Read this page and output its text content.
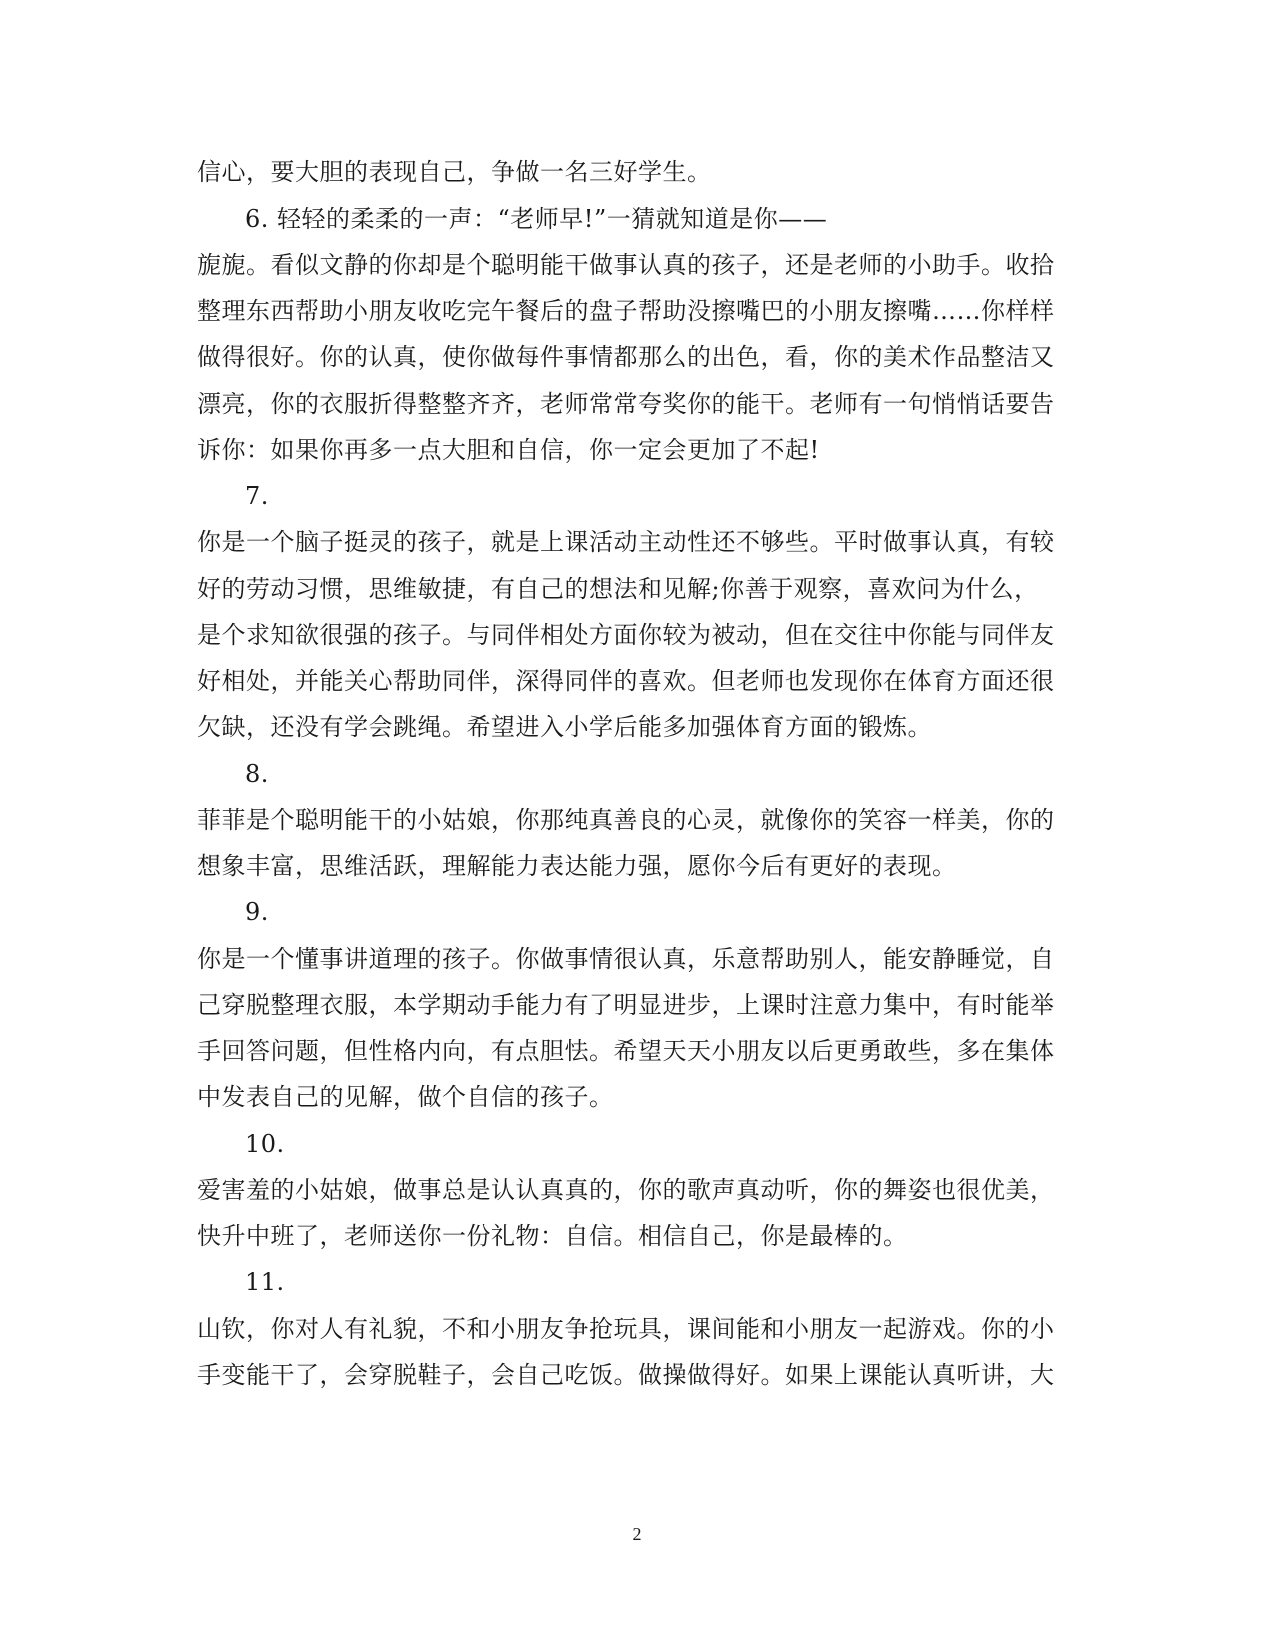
信心，要大胆的表现自己，争做一名三好学生。
6. 轻轻的柔柔的一声：“老师早!”一猜就知道是你——
旎旎。看似文静的你却是个聪明能干做事认真的孩子，还是老师的小助手。收拾
整理东西帮助小朋友收吃完午餐后的盘子帮助没擦嘴巴的小朋友擦嘴……你样样
做得很好。你的认真，使你做每件事情都那么的出色，看，你的美术作品整洁又
漂亮，你的衣服折得整整齐齐，老师常常夸奖你的能干。老师有一句悄悄话要告
诉你：如果你再多一点大胆和自信，你一定会更加了不起!
7.
你是一个脑子挺灵的孩子，就是上课活动主动性还不够些。平时做事认真，有较
好的劳动习惯，思维敏捷，有自己的想法和见解;你善于观察，喜欢问为什么，
是个求知欲很强的孩子。与同伴相处方面你较为被动，但在交往中你能与同伴友
好相处，并能关心帮助同伴，深得同伴的喜欢。但老师也发现你在体育方面还很
欠缺，还没有学会跳绳。希望进入小学后能多加强体育方面的锻炼。
8.
菲菲是个聪明能干的小姑娘，你那纯真善良的心灵，就像你的笑容一样美，你的
想象丰富，思维活跃，理解能力表达能力强，愿你今后有更好的表现。
9.
你是一个懂事讲道理的孩子。你做事情很认真，乐意帮助别人，能安静睡觉，自
己穿脱整理衣服，本学期动手能力有了明显进步，上课时注意力集中，有时能举
手回答问题，但性格内向，有点胆怯。希望天天小朋友以后更勇敢些，多在集体
中发表自己的见解，做个自信的孩子。
10.
爱害羞的小姑娘，做事总是认认真真的，你的歌声真动听，你的舞姿也很优美，
快升中班了，老师送你一份礼物：自信。相信自己，你是最棒的。
11.
山钦，你对人有礼貌，不和小朋友争抢玩具，课间能和小朋友一起游戏。你的小
手变能干了，会穿脱鞋子，会自己吃饭。做操做得好。如果上课能认真听讲，大
2
